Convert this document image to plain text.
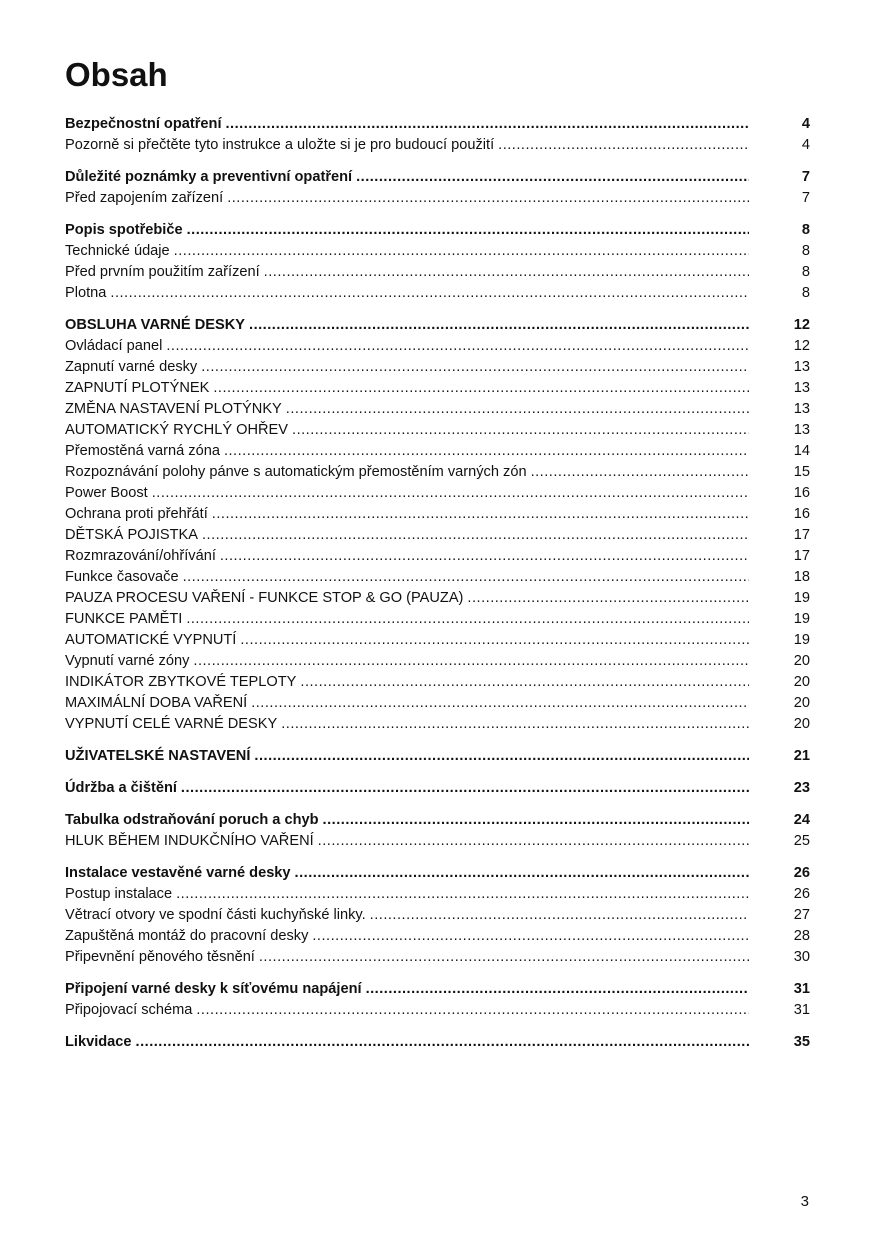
Obsah
Bezpečnostní opatření .....	4
Pozorně si přečtěte tyto instrukce a uložte si je pro budoucí použití .....	4
Důležité poznámky a preventivní opatření .....	7
Před zapojením zařízení .....	7
Popis spotřebiče .....	8
Technické údaje .....	8
Před prvním použitím zařízení .....	8
Plotna .....	8
OBSLUHA VARNÉ DESKY .....	12
Ovládací panel .....	12
Zapnutí varné desky .....	13
ZAPNUTÍ PLOTÝNEK .....	13
ZMĚNA NASTAVENÍ PLOTÝNKY .....	13
AUTOMATICKÝ RYCHLÝ OHŘEV .....	13
Přemostěná varná zóna .....	14
Rozpoznávání polohy pánve s automatickým přemostěním varných zón .....	15
Power Boost .....	16
Ochrana proti přehřátí .....	16
DĚTSKÁ POJISTKA .....	17
Rozmrazování/ohřívání .....	17
Funkce časovače .....	18
PAUZA PROCESU VAŘENÍ - FUNKCE STOP & GO (PAUZA) .....	19
FUNKCE PAMĚTI .....	19
AUTOMATICKÉ VYPNUTÍ .....	19
Vypnutí varné zóny .....	20
INDIKÁTOR ZBYTKOVÉ TEPLOTY .....	20
MAXIMÁLNÍ DOBA VAŘENÍ .....	20
VYPNUTÍ CELÉ VARNÉ DESKY .....	20
UŽIVATELSKÉ NASTAVENÍ .....	21
Údržba a čištění .....	23
Tabulka odstraňování poruch a chyb .....	24
HLUK BĚHEM INDUKČNÍHO VAŘENÍ .....	25
Instalace vestavěné varné desky .....	26
Postup instalace .....	26
Větrací otvory ve spodní části kuchyňské linky. .....	27
Zapuštěná montáž do pracovní desky .....	28
Připevnění pěnového těsnění .....	30
Připojení varné desky k síťovému napájení .....	31
Připojovací schéma .....	31
Likvidace .....	35
3
